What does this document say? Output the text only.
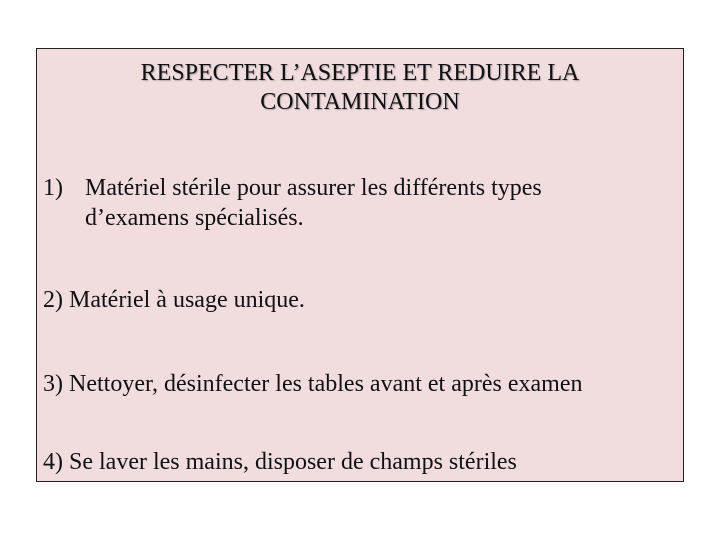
RESPECTER L’ASEPTIE ET REDUIRE LA
CONTAMINATION
1) Matériel stérile pour assurer les différents types
d’examens spécialisés.
2) Matériel à usage unique.
3) Nettoyer, désinfecter les tables avant et après examen
4) Se laver les mains, disposer de champs stériles
